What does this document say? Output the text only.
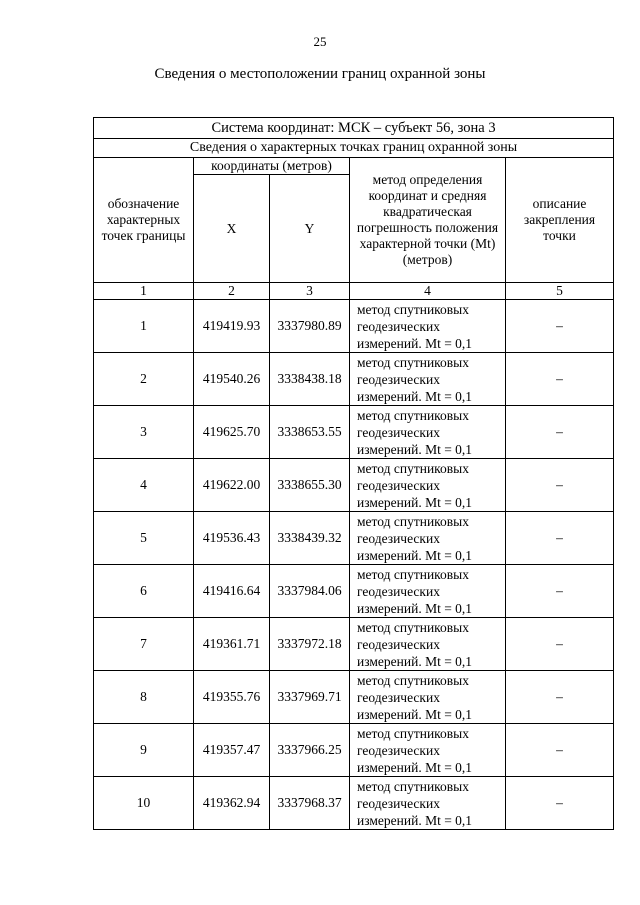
25
Сведения о местоположении границ охранной зоны
Система координат: МСК – субъект 56, зона 3				
Сведения о характерных точках границ охранной зоны				
обозначение характерных точек границы	координаты (метров)		метод определения координат и средняя квадратическая погрешность положения характерной точки (Mt) (метров)	описание закрепления точки
	X	Y		
1	2	3	4	5
1	419419.93	3337980.89	метод спутниковых геодезических измерений. Mt = 0,1	–
2	419540.26	3338438.18	метод спутниковых геодезических измерений. Mt = 0,1	–
3	419625.70	3338653.55	метод спутниковых геодезических измерений. Mt = 0,1	–
4	419622.00	3338655.30	метод спутниковых геодезических измерений. Mt = 0,1	–
5	419536.43	3338439.32	метод спутниковых геодезических измерений. Mt = 0,1	–
6	419416.64	3337984.06	метод спутниковых геодезических измерений. Mt = 0,1	–
7	419361.71	3337972.18	метод спутниковых геодезических измерений. Mt = 0,1	–
8	419355.76	3337969.71	метод спутниковых геодезических измерений. Mt = 0,1	–
9	419357.47	3337966.25	метод спутниковых геодезических измерений. Mt = 0,1	–
10	419362.94	3337968.37	метод спутниковых геодезических измерений. Mt = 0,1	–
